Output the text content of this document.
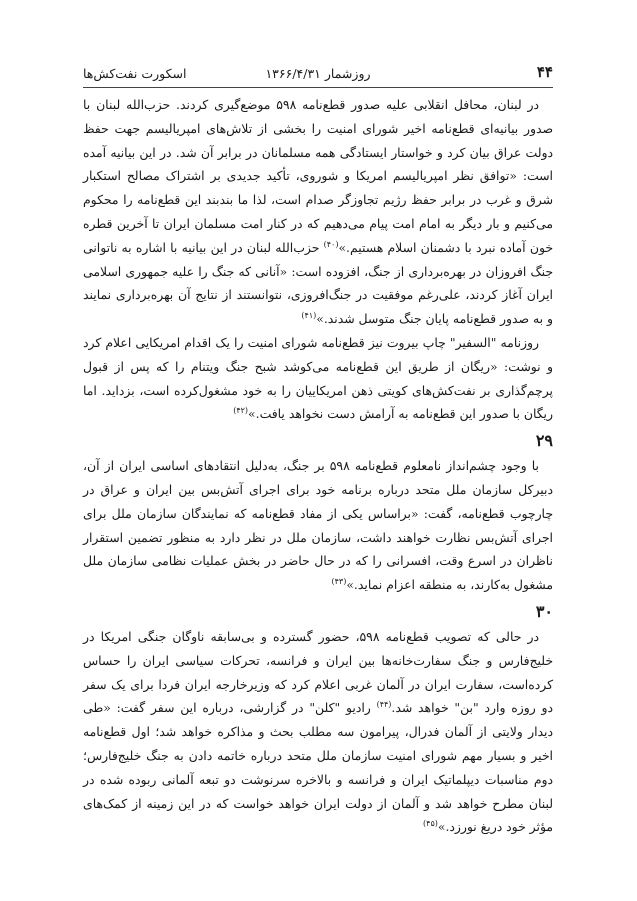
۴۴
روزشمار ۱۳۶۶/۴/۳۱
اسکورت نفت‌کش‌ها

در لبنان، محافل انقلابی علیه صدور قطع‌نامه ۵۹۸ موضع‌گیری کردند. حزب‌الله لبنان با صدور بیانیه‌ای قطع‌نامه اخیر شورای امنیت را بخشی از تلاش‌های امپریالیسم جهت حفظ دولت عراق بیان کرد و خواستار ایستادگی همه مسلمانان در برابر آن شد. در این بیانیه آمده است: «توافق نظر امپریالیسم امریکا و شوروی، تأکید جدیدی بر اشتراک مصالح استکبار شرق و غرب در برابر حفظ رژیم تجاوزگر صدام است، لذا ما بندبند این قطع‌نامه را محکوم می‌کنیم و بار دیگر به امام امت پیام می‌دهیم که در کنار امت مسلمان ایران تا آخرین قطره خون آماده نبرد با دشمنان اسلام هستیم.»$^{(۴۰)}$ حزب‌الله لبنان در این بیانیه با اشاره به ناتوانی جنگ افروزان در بهره‌برداری از جنگ، افزوده است: «آنانی که جنگ را علیه جمهوری اسلامی ایران آغاز کردند، علی‌رغم موفقیت در جنگ‌افروزی، نتوانستند از نتایج آن بهره‌برداری نمایند و به صدور قطع‌نامه پایان جنگ متوسل شدند.»$^{(۴۱)}$

روزنامه "السفیر" چاپ بیروت نیز قطع‌نامه شورای امنیت را یک اقدام امریکایی اعلام کرد و نوشت: «ریگان از طریق این قطع‌نامه می‌کوشد شبح جنگ ویتنام را که پس از قبول پرچم‌گذاری بر نفت‌کش‌های کویتی ذهن امریکاییان را به خود مشغول‌کرده است، بزداید. اما ریگان با صدور این قطع‌نامه به آرامش دست نخواهد یافت.»$^{(۴۲)}$

۲۹

با وجود چشم‌انداز نامعلوم قطع‌نامه ۵۹۸ بر جنگ، به‌دلیل انتقادهای اساسی ایران از آن، دبیرکل سازمان ملل متحد درباره برنامه خود برای اجرای آتش‌بس بین ایران و عراق در چارچوب قطع‌نامه، گفت: «براساس یکی از مفاد قطع‌نامه که نمایندگان سازمان ملل برای اجرای آتش‌بس نظارت خواهند داشت، سازمان ملل در نظر دارد به منظور تضمین استقرار ناظران در اسرع وقت، افسرانی را که در حال حاضر در بخش عملیات نظامی سازمان ملل مشغول به‌کارند، به منطقه اعزام نماید.»$^{(۴۳)}$

۳۰

در حالی که تصویب قطع‌نامه ۵۹۸، حضور گسترده و بی‌سابقه ناوگان جنگی امریکا در خلیج‌فارس و جنگ سفارت‌خانه‌ها بین ایران و فرانسه، تحرکات سیاسی ایران را حساس کرده‌است، سفارت ایران در آلمان غربی اعلام کرد که وزیرخارجه ایران فردا برای یک سفر دو روزه وارد "بن" خواهد شد.$^{(۴۴)}$ رادیو "کلن" در گزارشی، درباره این سفر گفت: «طی دیدار ولایتی از آلمان فدرال، پیرامون سه مطلب بحث و مذاکره خواهد شد؛ اول قطع‌نامه اخیر و بسیار مهم شورای امنیت سازمان ملل متحد درباره خاتمه دادن به جنگ خلیج‌فارس؛ دوم مناسبات دیپلماتیک ایران و فرانسه و بالاخره سرنوشت دو تبعه آلمانی ربوده شده در لبنان مطرح خواهد شد و آلمان از دولت ایران خواهد خواست که در این زمینه از کمک‌های مؤثر خود دریغ نورزد.»$^{(۴۵)}$
